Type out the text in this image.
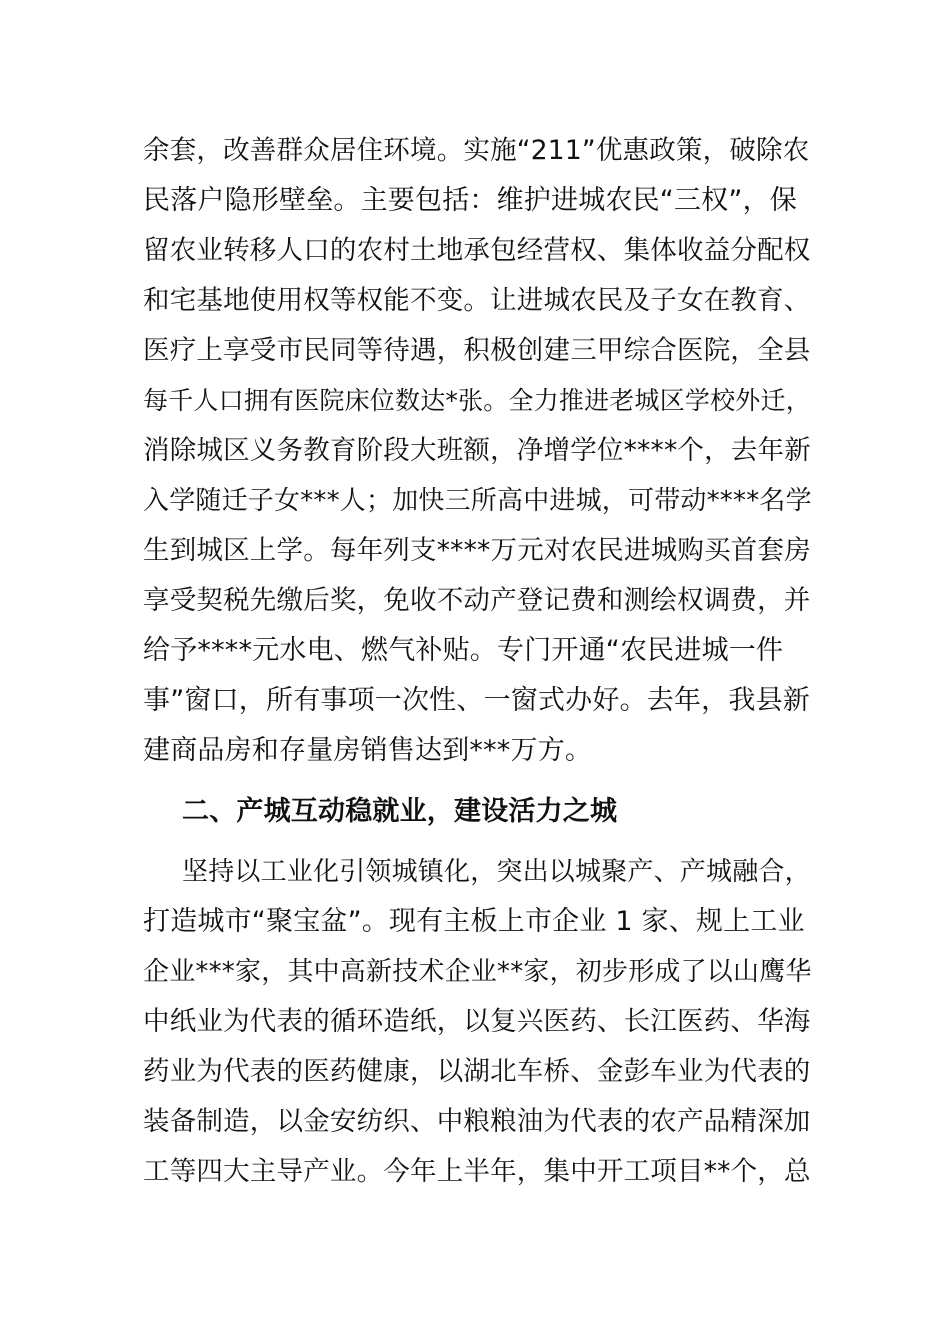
余套，改善群众居住环境。实施“211”优惠政策，破除农
民落户隐形壁垒。主要包括：维护进城农民“三权”，保
留农业转移人口的农村土地承包经营权、集体收益分配权
和宅基地使用权等权能不变。让进城农民及子女在教育、
医疗上享受市民同等待遇，积极创建三甲综合医院，全县
每千人口拥有医院床位数达*张。全力推进老城区学校外迁，
消除城区义务教育阶段大班额，净增学位****个，去年新
入学随迁子女***人；加快三所高中进城，可带动****名学
生到城区上学。每年列支****万元对农民进城购买首套房
享受契税先缴后奖，免收不动产登记费和测绘权调费，并
给予****元水电、燃气补贴。专门开通“农民进城一件
事”窗口，所有事项一次性、一窗式办好。去年，我县新
建商品房和存量房销售达到***万方。
二、产城互动稳就业，建设活力之城
坚持以工业化引领城镇化，突出以城聚产、产城融合，
打造城市“聚宝盆”。现有主板上市企业 1 家、规上工业
企业***家，其中高新技术企业**家，初步形成了以山鹰华
中纸业为代表的循环造纸，以复兴医药、长江医药、华海
药业为代表的医药健康，以湖北车桥、金彭车业为代表的
装备制造，以金安纺织、中粮粮油为代表的农产品精深加
工等四大主导产业。今年上半年，集中开工项目**个，总
